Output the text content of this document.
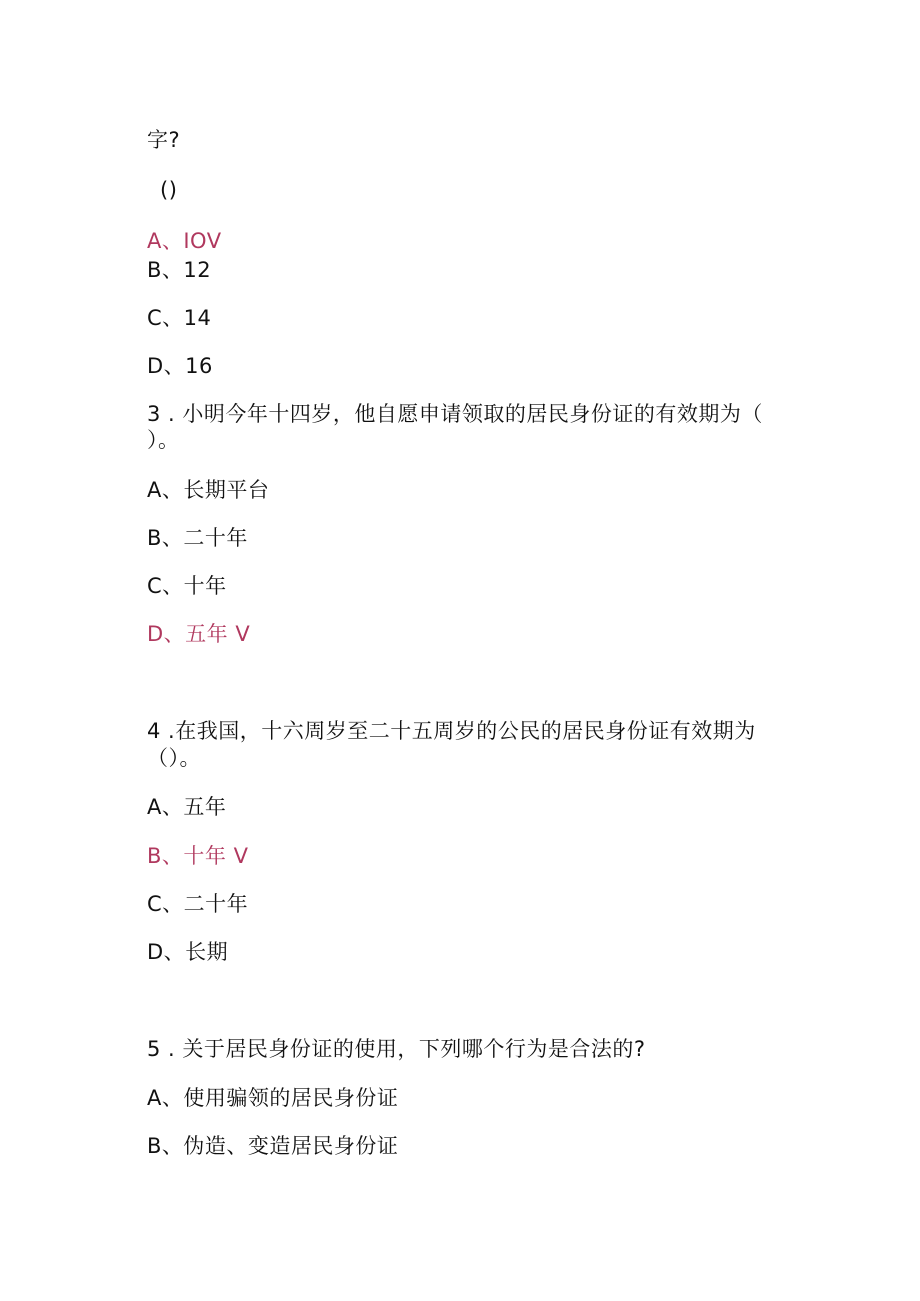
字?
()
A、IOV
B、12
C、14
D、16
3 . 小明今年十四岁，他自愿申请领取的居民身份证的有效期为（
）。
A、长期平台
B、二十年
C、十年
D、五年 V
4 .在我国，十六周岁至二十五周岁的公民的居民身份证有效期为
（）。
A、五年
B、十年 V
C、二十年
D、长期
5 . 关于居民身份证的使用，下列哪个行为是合法的?
A、使用骗领的居民身份证
B、伪造、变造居民身份证
